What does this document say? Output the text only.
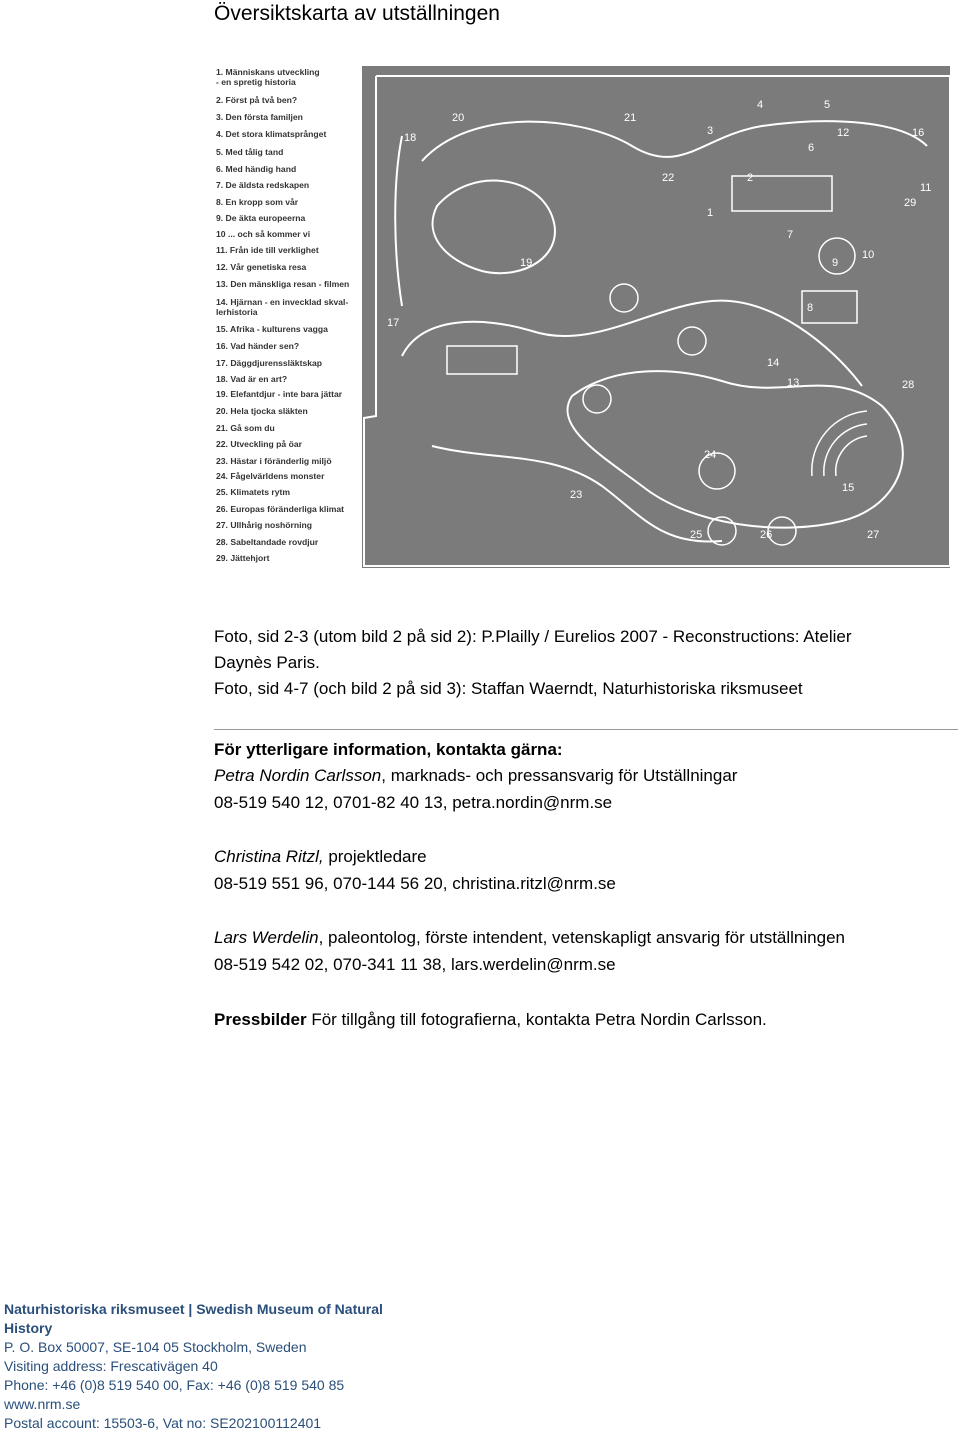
Översiktskarta av utställningen
1. Människans utveckling
- en spretig historia
2. Först på två ben?
3. Den första familjen
4. Det stora klimatsprånget
5. Med tålig tand
6. Med händig hand
7. De äldsta redskapen
8. En kropp som vår
9. De äkta europeerna
10 ... och så kommer vi
11. Från ide till verklighet
12. Vår genetiska resa
13. Den mänskliga resan - filmen
14. Hjärnan - en invecklad skval-
lerhistoria
15. Afrika - kulturens vagga
16. Vad händer sen?
17. Däggdjurenssläktskap
18. Vad är en art?
19. Elefantdjur - inte bara jättar
20. Hela tjocka släkten
21. Gå som du
22. Utveckling på öar
23. Hästar i föränderlig miljö
24. Fågelvärldens monster
25. Klimatets rytm
26. Europas föränderliga klimat
27. Ullhårig noshörning
28. Sabeltandade rovdjur
29. Jättehjort
1
2
3
4	5
6
7
8
9
10
11
12
13
14
15
16
17
18
19
20	21
22
23
24
25	26	27
28
29
Foto, sid 2-3 (utom bild 2 på sid 2): P.Plailly / Eurelios 2007 - Reconstructions: Atelier
Daynès Paris.
Foto, sid 4-7 (och bild 2 på sid 3): Staffan Waerndt, Naturhistoriska riksmuseet
För ytterligare information, kontakta gärna:
Petra Nordin Carlsson, marknads- och pressansvarig för Utställningar
08-519 540 12, 0701-82 40 13, petra.nordin@nrm.se
Christina Ritzl, projektledare
08-519 551 96, 070-144 56 20, christina.ritzl@nrm.se
Lars Werdelin, paleontolog, förste intendent, vetenskapligt ansvarig för utställningen
08-519 542 02, 070-341 11 38, lars.werdelin@nrm.se
Pressbilder För tillgång till fotografierna, kontakta Petra Nordin Carlsson.
Naturhistoriska riksmuseet | Swedish Museum of Natural History
P. O. Box 50007, SE-104 05 Stockholm, Sweden
Visiting address: Frescativägen 40
Phone: +46 (0)8 519 540 00, Fax: +46 (0)8 519 540 85
www.nrm.se
Postal account: 15503-6, Vat no: SE202100112401
